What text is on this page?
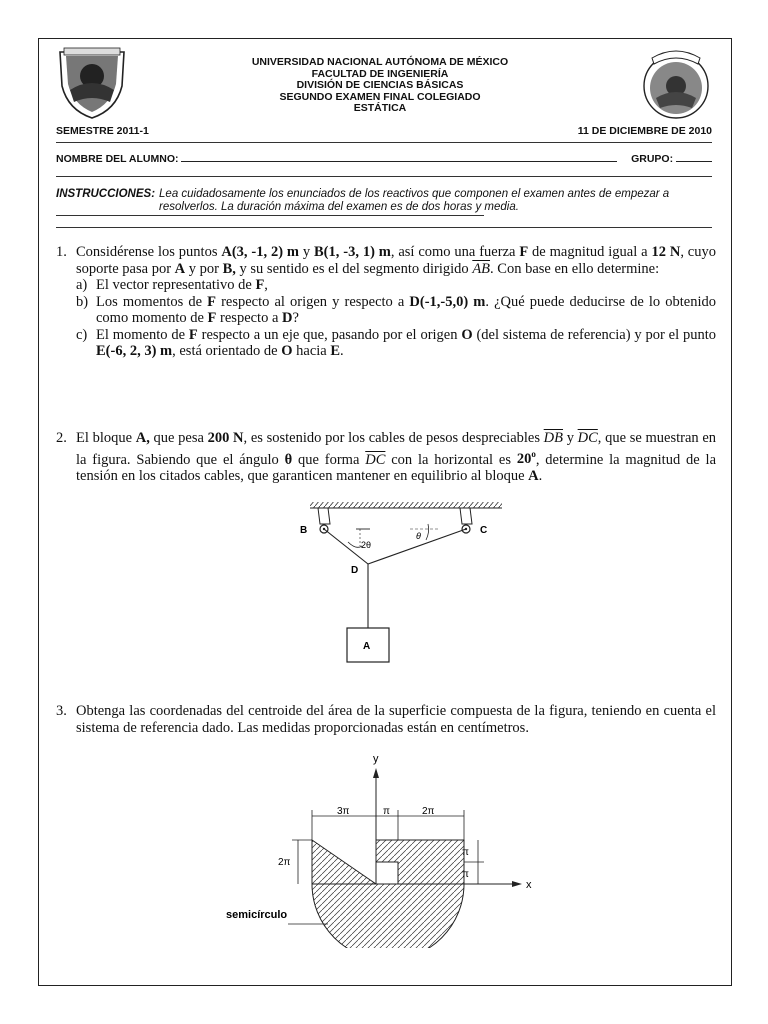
UNIVERSIDAD NACIONAL AUTÓNOMA DE MÉXICO
FACULTAD DE INGENIERÍA
DIVISIÓN DE CIENCIAS BÁSICAS
SEGUNDO EXAMEN FINAL COLEGIADO
ESTÁTICA
SEMESTRE 2011-1	11 DE DICIEMBRE DE 2010
NOMBRE DEL ALUMNO:	GRUPO:
INSTRUCCIONES: Lea cuidadosamente los enunciados de los reactivos que componen el examen antes de empezar a resolverlos. La duración máxima del examen es de dos horas y media.
1. Considérense los puntos A(3, -1, 2) m y B(1, -3, 1) m, así como una fuerza F de magnitud igual a 12 N, cuyo soporte pasa por A y por B, y su sentido es el del segmento dirigido $\overline{AB}$. Con base en ello determine:
a) El vector representativo de F,
b) Los momentos de F respecto al origen y respecto a D(-1,-5,0) m. ¿Qué puede deducirse de lo obtenido como momento de F respecto a D?
c) El momento de F respecto a un eje que, pasando por el origen O (del sistema de referencia) y por el punto E(-6, 2, 3) m, está orientado de O hacia E.
2. El bloque A, que pesa 200 N, es sostenido por los cables de pesos despreciables $\overline{DB}$ y $\overline{DC}$, que se muestran en la figura. Sabiendo que el ángulo θ que forma $\overline{DC}$ con la horizontal es 20$^o$, determine la magnitud de la tensión en los citados cables, que garanticen mantener en equilibrio al bloque A.
B	C
D
A
2θ
θ
3. Obtenga las coordenadas del centroide del área de la superficie compuesta de la figura, teniendo en cuenta el sistema de referencia dado. Las medidas proporcionadas están en centímetros.
y
x
3π	π	2π
2π
π
π
semicírculo
